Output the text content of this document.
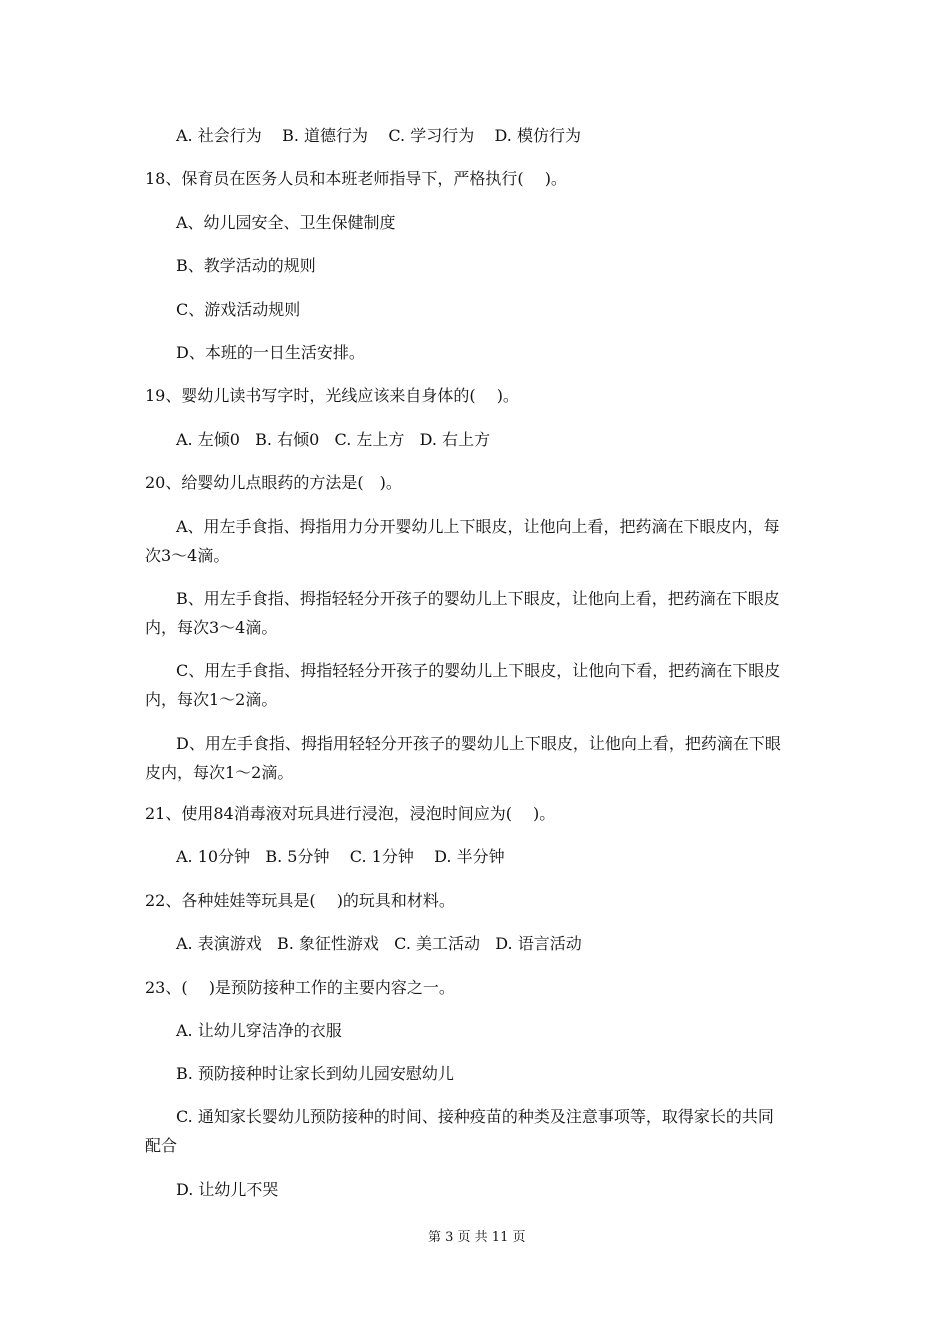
A. 社会行为    B. 道德行为    C. 学习行为    D. 模仿行为
18、保育员在医务人员和本班老师指导下，严格执行(　 )。
A、幼儿园安全、卫生保健制度
B、教学活动的规则
C、游戏活动规则
D、本班的一日生活安排。
19、婴幼儿读书写字时，光线应该来自身体的(　 )。
A. 左倾0   B. 右倾0   C. 左上方   D. 右上方
20、给婴幼儿点眼药的方法是(　)。
A、用左手食指、拇指用力分开婴幼儿上下眼皮，让他向上看，把药滴在下眼皮内，每
次3～4滴。
B、用左手食指、拇指轻轻分开孩子的婴幼儿上下眼皮，让他向上看，把药滴在下眼皮
内，每次3～4滴。
C、用左手食指、拇指轻轻分开孩子的婴幼儿上下眼皮，让他向下看，把药滴在下眼皮
内，每次1～2滴。
D、用左手食指、拇指用轻轻分开孩子的婴幼儿上下眼皮，让他向上看，把药滴在下眼
皮内，每次1～2滴。
21、使用84消毒液对玩具进行浸泡，浸泡时间应为(　 )。
A. 10分钟   B. 5分钟    C. 1分钟    D. 半分钟
22、各种娃娃等玩具是(　 )的玩具和材料。
A. 表演游戏   B. 象征性游戏   C. 美工活动   D. 语言活动
23、(　 )是预防接种工作的主要内容之一。
A. 让幼儿穿洁净的衣服
B. 预防接种时让家长到幼儿园安慰幼儿
C. 通知家长婴幼儿预防接种的时间、接种疫苗的种类及注意事项等，取得家长的共同
配合
D. 让幼儿不哭
第 3 页 共 11 页
